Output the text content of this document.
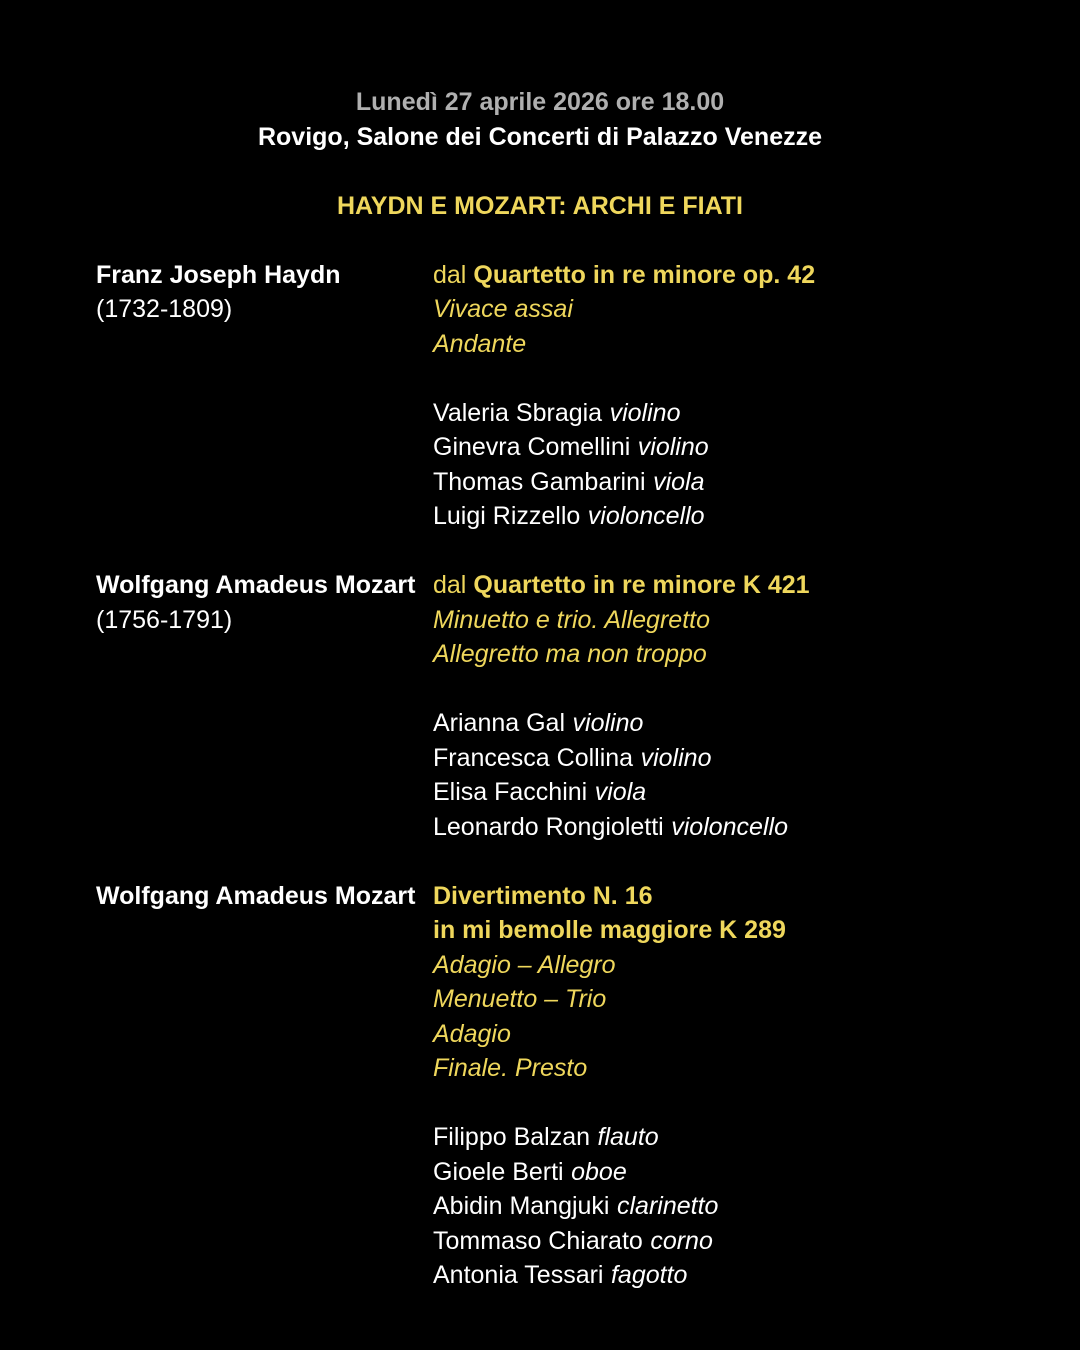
Lunedì 27 aprile 2026 ore 18.00
Rovigo, Salone dei Concerti di Palazzo Venezze
HAYDN E MOZART: ARCHI E FIATI
Franz Joseph Haydn
(1732-1809)
dal Quartetto in re minore op. 42
Vivace assai
Andante
Valeria Sbragia violino
Ginevra Comellini violino
Thomas Gambarini viola
Luigi Rizzello violoncello
Wolfgang Amadeus Mozart
(1756-1791)
dal Quartetto in re minore K 421
Minuetto e trio. Allegretto
Allegretto ma non troppo
Arianna Gal violino
Francesca Collina violino
Elisa Facchini viola
Leonardo Rongioletti violoncello
Wolfgang Amadeus Mozart Divertimento N. 16
in mi bemolle maggiore K 289
Adagio – Allegro
Menuetto – Trio
Adagio
Finale. Presto
Filippo Balzan flauto
Gioele Berti oboe
Abidin Mangjuki clarinetto
Tommaso Chiarato corno
Antonia Tessari fagotto
